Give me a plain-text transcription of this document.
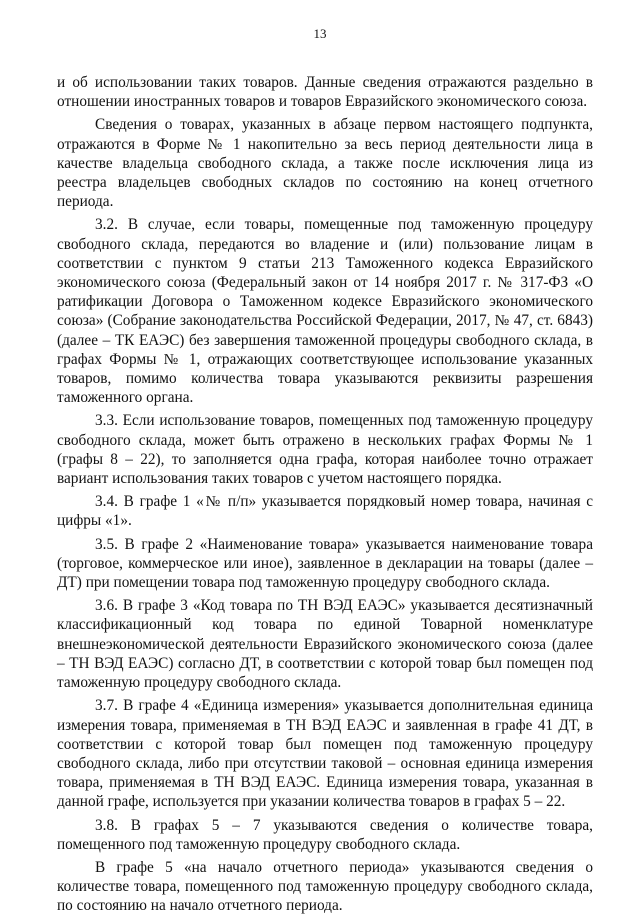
13

и об использовании таких товаров. Данные сведения отражаются раздельно в отношении иностранных товаров и товаров Евразийского экономического союза.

Сведения о товарах, указанных в абзаце первом настоящего подпункта, отражаются в Форме № 1 накопительно за весь период деятельности лица в качестве владельца свободного склада, а также после исключения лица из реестра владельцев свободных складов по состоянию на конец отчетного периода.

3.2. В случае, если товары, помещенные под таможенную процедуру свободного склада, передаются во владение и (или) пользование лицам в соответствии с пунктом 9 статьи 213 Таможенного кодекса Евразийского экономического союза (Федеральный закон от 14 ноября 2017 г. № 317-ФЗ «О ратификации Договора о Таможенном кодексе Евразийского экономического союза» (Собрание законодательства Российской Федерации, 2017, № 47, ст. 6843) (далее – ТК ЕАЭС) без завершения таможенной процедуры свободного склада, в графах Формы № 1, отражающих соответствующее использование указанных товаров, помимо количества товара указываются реквизиты разрешения таможенного органа.

3.3. Если использование товаров, помещенных под таможенную процедуру свободного склада, может быть отражено в нескольких графах Формы № 1 (графы 8 – 22), то заполняется одна графа, которая наиболее точно отражает вариант использования таких товаров с учетом настоящего порядка.

3.4. В графе 1 «№ п/п» указывается порядковый номер товара, начиная с цифры «1».

3.5. В графе 2 «Наименование товара» указывается наименование товара (торговое, коммерческое или иное), заявленное в декларации на товары (далее – ДТ) при помещении товара под таможенную процедуру свободного склада.

3.6. В графе 3 «Код товара по ТН ВЭД ЕАЭС» указывается десятизначный классификационный код товара по единой Товарной номенклатуре внешнеэкономической деятельности Евразийского экономического союза (далее – ТН ВЭД ЕАЭС) согласно ДТ, в соответствии с которой товар был помещен под таможенную процедуру свободного склада.

3.7. В графе 4 «Единица измерения» указывается дополнительная единица измерения товара, применяемая в ТН ВЭД ЕАЭС и заявленная в графе 41 ДТ, в соответствии с которой товар был помещен под таможенную процедуру свободного склада, либо при отсутствии таковой – основная единица измерения товара, применяемая в ТН ВЭД ЕАЭС. Единица измерения товара, указанная в данной графе, используется при указании количества товаров в графах 5 – 22.

3.8. В графах 5 – 7 указываются сведения о количестве товара, помещенного под таможенную процедуру свободного склада.

В графе 5 «на начало отчетного периода» указываются сведения о количестве товара, помещенного под таможенную процедуру свободного склада, по состоянию на начало отчетного периода.
